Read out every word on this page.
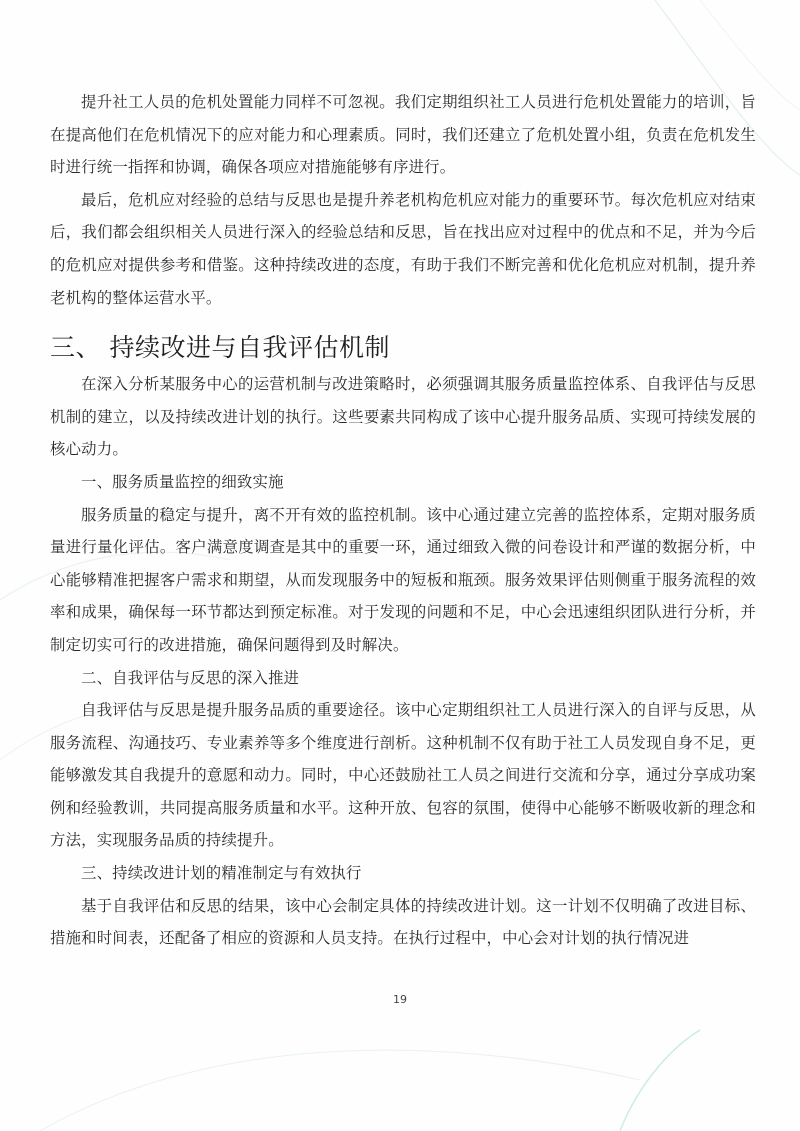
提升社工人员的危机处置能力同样不可忽视。我们定期组织社工人员进行危机处置能力的培训，旨在提高他们在危机情况下的应对能力和心理素质。同时，我们还建立了危机处置小组，负责在危机发生时进行统一指挥和协调，确保各项应对措施能够有序进行。

最后，危机应对经验的总结与反思也是提升养老机构危机应对能力的重要环节。每次危机应对结束后，我们都会组织相关人员进行深入的经验总结和反思，旨在找出应对过程中的优点和不足，并为今后的危机应对提供参考和借鉴。这种持续改进的态度，有助于我们不断完善和优化危机应对机制，提升养老机构的整体运营水平。

三、 持续改进与自我评估机制

在深入分析某服务中心的运营机制与改进策略时，必须强调其服务质量监控体系、自我评估与反思机制的建立，以及持续改进计划的执行。这些要素共同构成了该中心提升服务品质、实现可持续发展的核心动力。

一、服务质量监控的细致实施

服务质量的稳定与提升，离不开有效的监控机制。该中心通过建立完善的监控体系，定期对服务质量进行量化评估。客户满意度调查是其中的重要一环，通过细致入微的问卷设计和严谨的数据分析，中心能够精准把握客户需求和期望，从而发现服务中的短板和瓶颈。服务效果评估则侧重于服务流程的效率和成果，确保每一环节都达到预定标准。对于发现的问题和不足，中心会迅速组织团队进行分析，并制定切实可行的改进措施，确保问题得到及时解决。

二、自我评估与反思的深入推进

自我评估与反思是提升服务品质的重要途径。该中心定期组织社工人员进行深入的自评与反思，从服务流程、沟通技巧、专业素养等多个维度进行剖析。这种机制不仅有助于社工人员发现自身不足，更能够激发其自我提升的意愿和动力。同时，中心还鼓励社工人员之间进行交流和分享，通过分享成功案例和经验教训，共同提高服务质量和水平。这种开放、包容的氛围，使得中心能够不断吸收新的理念和方法，实现服务品质的持续提升。

三、持续改进计划的精准制定与有效执行

基于自我评估和反思的结果，该中心会制定具体的持续改进计划。这一计划不仅明确了改进目标、措施和时间表，还配备了相应的资源和人员支持。在执行过程中，中心会对计划的执行情况进

19
